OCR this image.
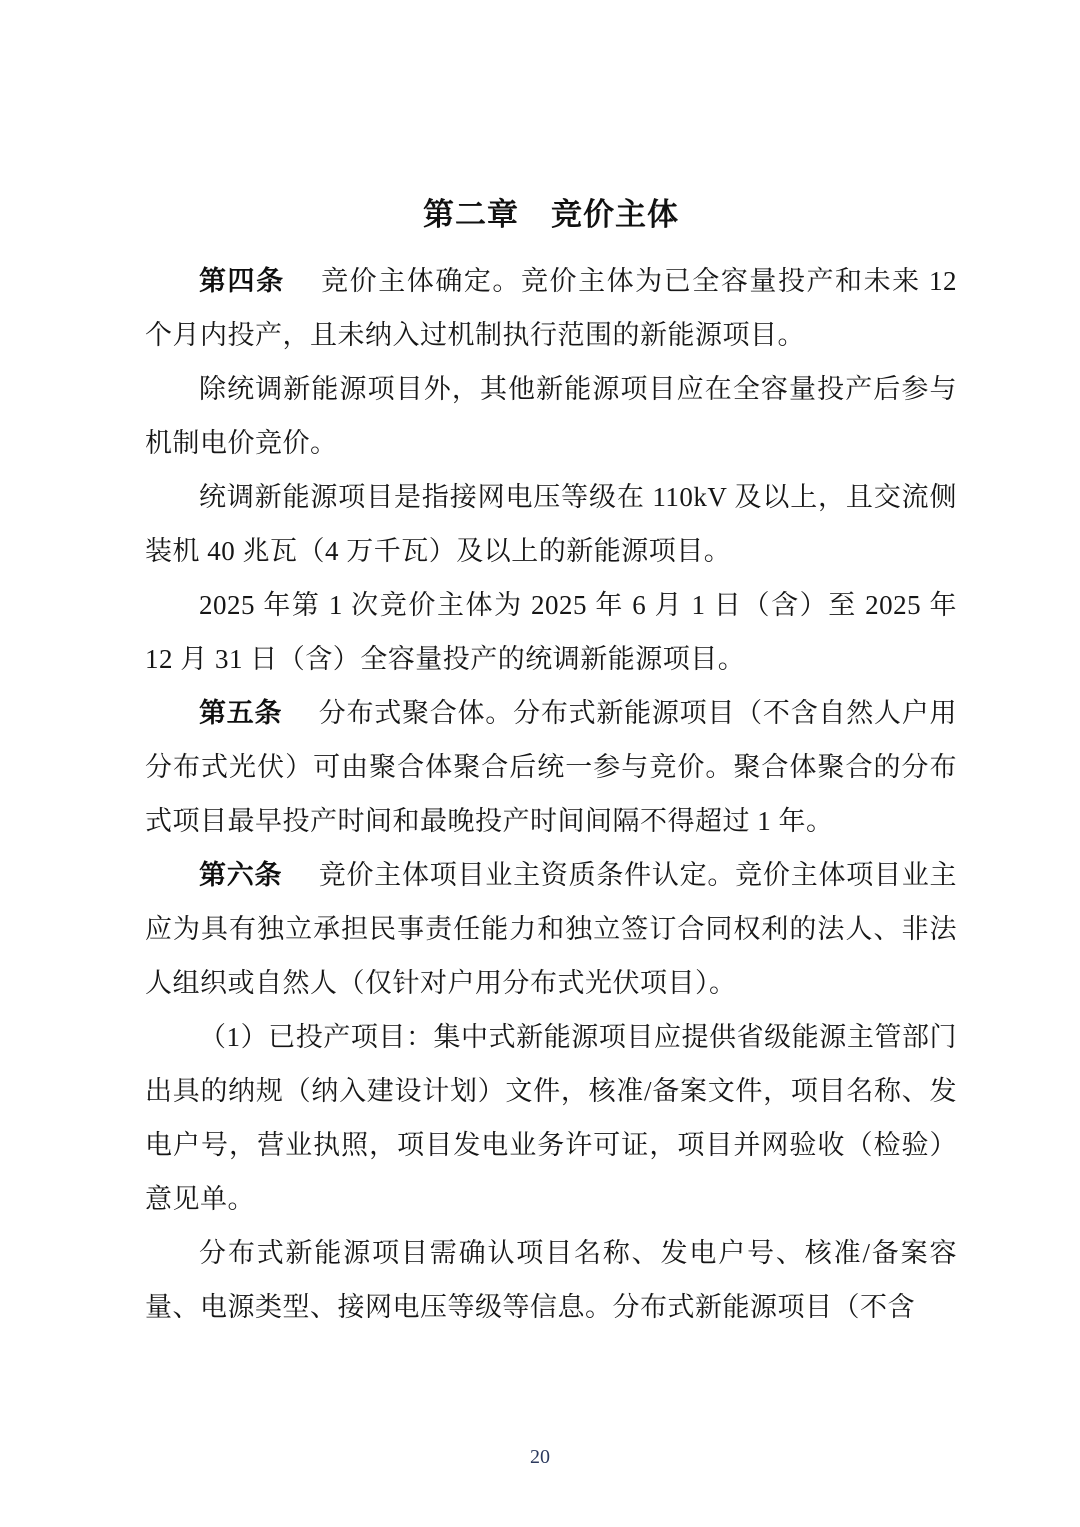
第二章　竞价主体

第四条 竞价主体确定。竞价主体为已全容量投产和未来 12 个月内投产，且未纳入过机制执行范围的新能源项目。

除统调新能源项目外，其他新能源项目应在全容量投产后参与机制电价竞价。

统调新能源项目是指接网电压等级在 110kV 及以上，且交流侧装机 40 兆瓦（4 万千瓦）及以上的新能源项目。

2025 年第 1 次竞价主体为 2025 年 6 月 1 日（含）至 2025 年 12 月 31 日（含）全容量投产的统调新能源项目。

第五条 分布式聚合体。分布式新能源项目（不含自然人户用分布式光伏）可由聚合体聚合后统一参与竞价。聚合体聚合的分布式项目最早投产时间和最晚投产时间间隔不得超过 1 年。

第六条 竞价主体项目业主资质条件认定。竞价主体项目业主应为具有独立承担民事责任能力和独立签订合同权利的法人、非法人组织或自然人（仅针对户用分布式光伏项目）。

（1）已投产项目：集中式新能源项目应提供省级能源主管部门出具的纳规（纳入建设计划）文件，核准/备案文件，项目名称、发电户号，营业执照，项目发电业务许可证，项目并网验收（检验）意见单。

分布式新能源项目需确认项目名称、发电户号、核准/备案容量、电源类型、接网电压等级等信息。分布式新能源项目（不含

20
